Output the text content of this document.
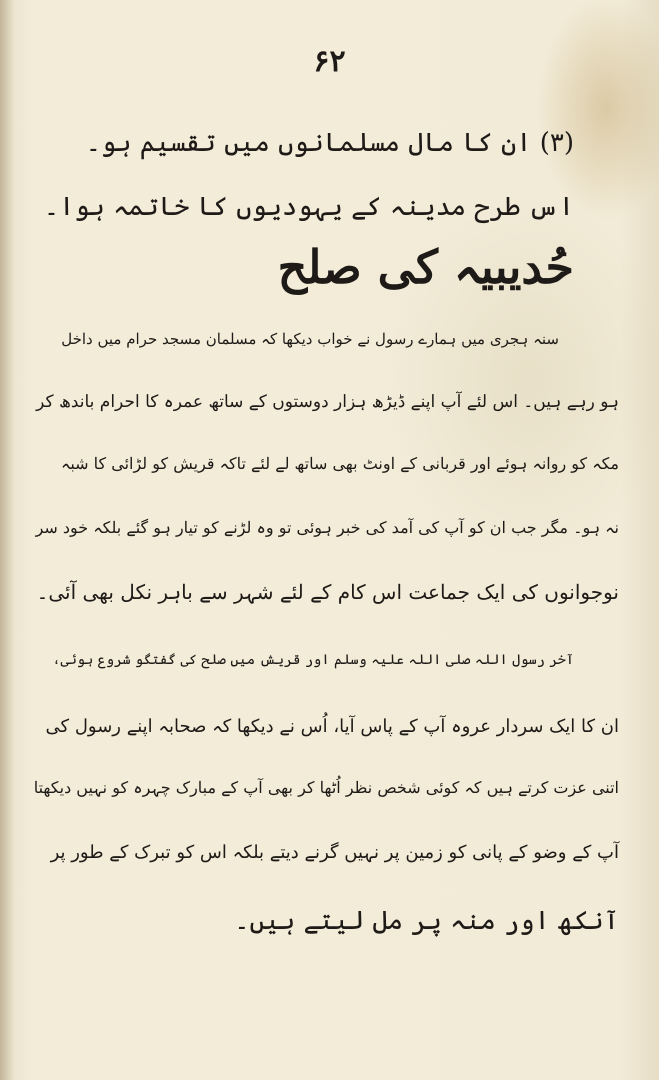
۶۲
(۳) ان کا مال مسلمانوں میں تقسیم ہو۔
اس طرح مدینہ کے یہودیوں کا خاتمہ ہوا۔
حُدیبیہ کی صلح
سنہ ہجری میں ہمارے رسول نے خواب دیکھا کہ مسلمان مسجد حرام میں داخل
ہو رہے ہیں۔ اس لئے آپ اپنے ڈیڑھ ہزار دوستوں کے ساتھ عمرہ کا احرام باندھ کر
مکہ کو روانہ ہوئے اور قربانی کے اونٹ بھی ساتھ لے لئے تاکہ قریش کو لڑائی کا شبہ
نہ ہو۔ مگر جب ان کو آپ کی آمد کی خبر ہوئی تو وہ لڑنے کو تیار ہو گئے بلکہ خود سر
نوجوانوں کی ایک جماعت اس کام کے لئے شہر سے باہر نکل بھی آئی۔
آخر رسول اللہ صلی اللہ علیہ وسلم اور قریش میں صلح کی گفتگو شروع ہوئی،
ان کا ایک سردار عروہ آپ کے پاس آیا، اُس نے دیکھا کہ صحابہ اپنے رسول کی
اتنی عزت کرتے ہیں کہ کوئی شخص نظر اُٹھا کر بھی آپ کے مبارک چہرہ کو نہیں دیکھتا
آپ کے وضو کے پانی کو زمین پر نہیں گرنے دیتے بلکہ اس کو تبرک کے طور پر
آنکھ اور منہ پر مل لیتے ہیں۔
